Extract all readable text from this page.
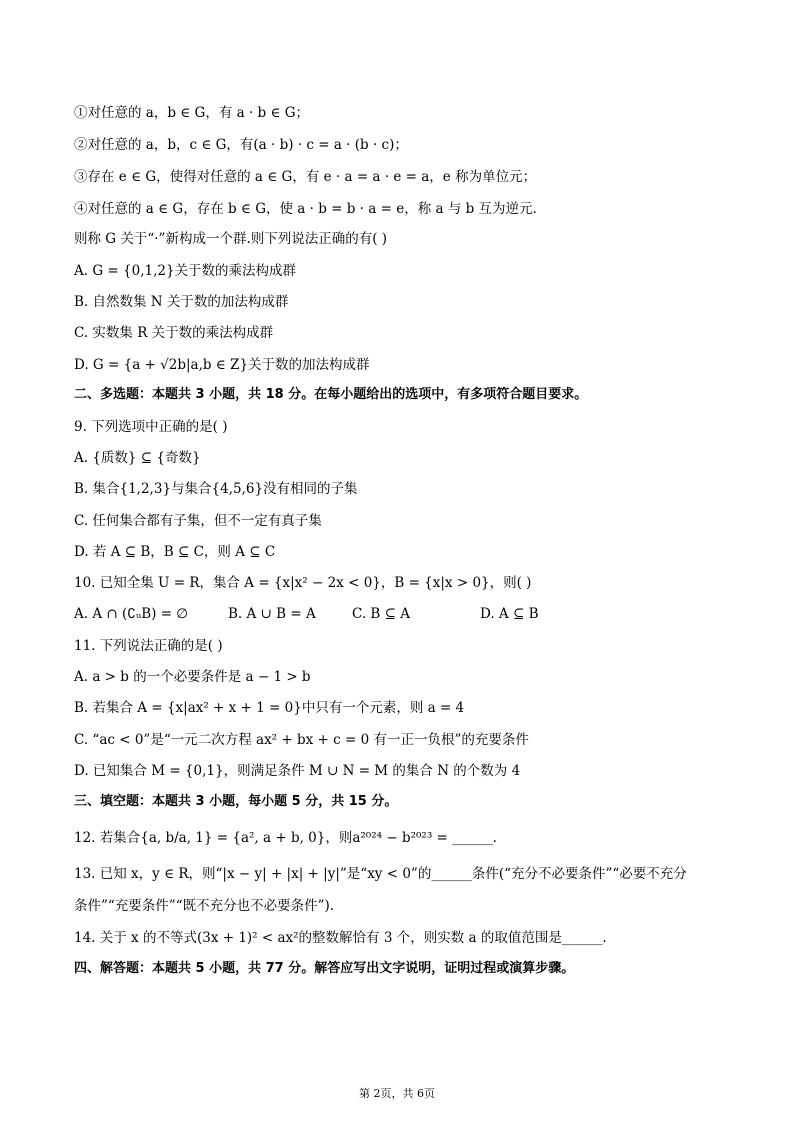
①对任意的 a，b ∈ G，有 a · b ∈ G；
②对任意的 a，b，c ∈ G，有(a · b) · c = a · (b · c)；
③存在 e ∈ G，使得对任意的 a ∈ G，有 e · a = a · e = a，e 称为单位元；
④对任意的 a ∈ G，存在 b ∈ G，使 a · b = b · a = e，称 a 与 b 互为逆元.
则称 G 关于“·”新构成一个群.则下列说法正确的有( )
A. G = {0,1,2}关于数的乘法构成群
B. 自然数集 N 关于数的加法构成群
C. 实数集 R 关于数的乘法构成群
D. G = {a + √2b|a,b ∈ Z}关于数的加法构成群
二、多选题：本题共 3 小题，共 18 分。在每小题给出的选项中，有多项符合题目要求。
9. 下列选项中正确的是( )
A. {质数} ⊆ {奇数}
B. 集合{1,2,3}与集合{4,5,6}没有相同的子集
C. 任何集合都有子集，但不一定有真子集
D. 若 A ⊆ B，B ⊆ C，则 A ⊆ C
10. 已知全集 U = R，集合 A = {x|x² − 2x < 0}，B = {x|x > 0}，则( )
A. A ∩ (∁ᵤB) = ∅	B. A ∪ B = A	C. B ⊆ A	D. A ⊆ B
11. 下列说法正确的是( )
A. a > b 的一个必要条件是 a − 1 > b
B. 若集合 A = {x|ax² + x + 1 = 0}中只有一个元素，则 a = 4
C. “ac < 0”是“一元二次方程 ax² + bx + c = 0 有一正一负根”的充要条件
D. 已知集合 M = {0,1}，则满足条件 M ∪ N = M 的集合 N 的个数为 4
三、填空题：本题共 3 小题，每小题 5 分，共 15 分。
12. 若集合{a, b/a, 1} = {a², a + b, 0}，则a²⁰²⁴ − b²⁰²³ = ______.
13. 已知 x，y ∈ R，则“|x − y| + |x| + |y|”是“xy < 0”的______条件(“充分不必要条件”“必要不充分
条件”“充要条件”“既不充分也不必要条件”).
14. 关于 x 的不等式(3x + 1)² < ax²的整数解恰有 3 个，则实数 a 的取值范围是______.
四、解答题：本题共 5 小题，共 77 分。解答应写出文字说明，证明过程或演算步骤。
第 2页，共 6页
